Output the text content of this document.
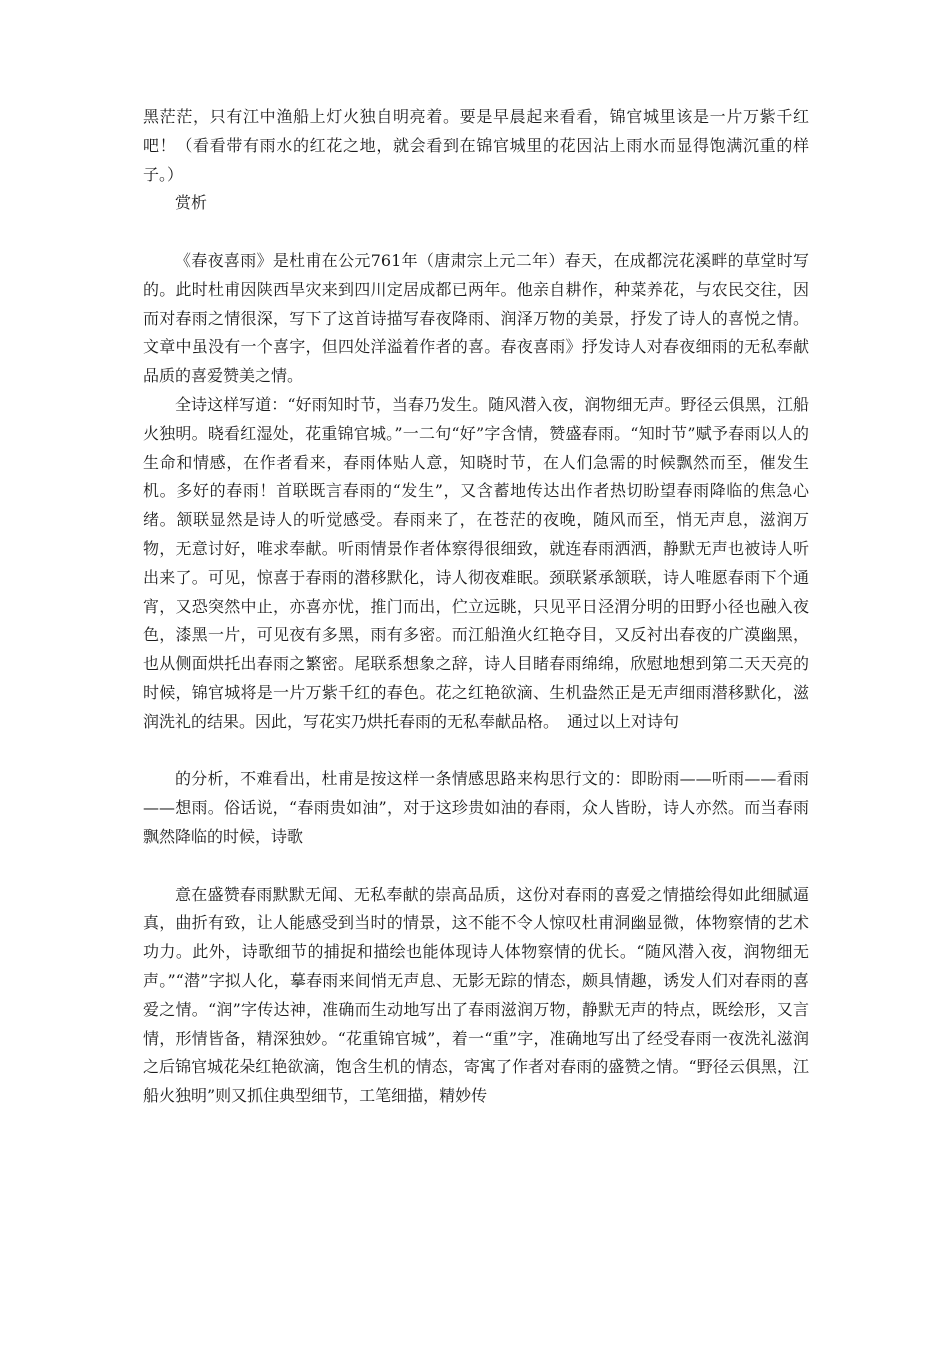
黑茫茫，只有江中渔船上灯火独自明亮着。要是早晨起来看看，锦官城里该是一片万紫千红吧！（看看带有雨水的红花之地，就会看到在锦官城里的花因沾上雨水而显得饱满沉重的样子。）

赏析

《春夜喜雨》是杜甫在公元761年（唐肃宗上元二年）春天，在成都浣花溪畔的草堂时写的。此时杜甫因陕西旱灾来到四川定居成都已两年。他亲自耕作，种菜养花，与农民交往，因而对春雨之情很深，写下了这首诗描写春夜降雨、润泽万物的美景，抒发了诗人的喜悦之情。文章中虽没有一个喜字，但四处洋溢着作者的喜。春夜喜雨》抒发诗人对春夜细雨的无私奉献品质的喜爱赞美之情。

全诗这样写道：“好雨知时节，当春乃发生。随风潜入夜，润物细无声。野径云俱黑，江船火独明。晓看红湿处，花重锦官城。”一二句“好”字含情，赞盛春雨。“知时节”赋予春雨以人的生命和情感，在作者看来，春雨体贴人意，知晓时节，在人们急需的时候飘然而至，催发生机。多好的春雨！首联既言春雨的“发生”，又含蓄地传达出作者热切盼望春雨降临的焦急心绪。颔联显然是诗人的听觉感受。春雨来了，在苍茫的夜晚，随风而至，悄无声息，滋润万物，无意讨好，唯求奉献。听雨情景作者体察得很细致，就连春雨洒洒，静默无声也被诗人听出来了。可见，惊喜于春雨的潜移默化，诗人彻夜难眠。颈联紧承颔联，诗人唯愿春雨下个通宵，又恐突然中止，亦喜亦忧，推门而出，伫立远眺，只见平日泾渭分明的田野小径也融入夜色，漆黑一片，可见夜有多黑，雨有多密。而江船渔火红艳夺目，又反衬出春夜的广漠幽黑，也从侧面烘托出春雨之繁密。尾联系想象之辞，诗人目睹春雨绵绵，欣慰地想到第二天天亮的时候，锦官城将是一片万紫千红的春色。花之红艳欲滴、生机盎然正是无声细雨潜移默化，滋润洗礼的结果。因此，写花实乃烘托春雨的无私奉献品格。　通过以上对诗句

的分析，不难看出，杜甫是按这样一条情感思路来构思行文的：即盼雨——听雨——看雨——想雨。俗话说，“春雨贵如油”，对于这珍贵如油的春雨，众人皆盼，诗人亦然。而当春雨飘然降临的时候，诗歌

意在盛赞春雨默默无闻、无私奉献的崇高品质，这份对春雨的喜爱之情描绘得如此细腻逼真，曲折有致，让人能感受到当时的情景，这不能不令人惊叹杜甫洞幽显微，体物察情的艺术功力。此外，诗歌细节的捕捉和描绘也能体现诗人体物察情的优长。“随风潜入夜，润物细无声。”“潜”字拟人化，摹春雨来间悄无声息、无影无踪的情态，颇具情趣，诱发人们对春雨的喜爱之情。“润”字传达神，准确而生动地写出了春雨滋润万物，静默无声的特点，既绘形，又言情，形情皆备，精深独妙。“花重锦官城”，着一“重”字，准确地写出了经受春雨一夜洗礼滋润之后锦官城花朵红艳欲滴，饱含生机的情态，寄寓了作者对春雨的盛赞之情。“野径云俱黑，江船火独明”则又抓住典型细节，工笔细描，精妙传
